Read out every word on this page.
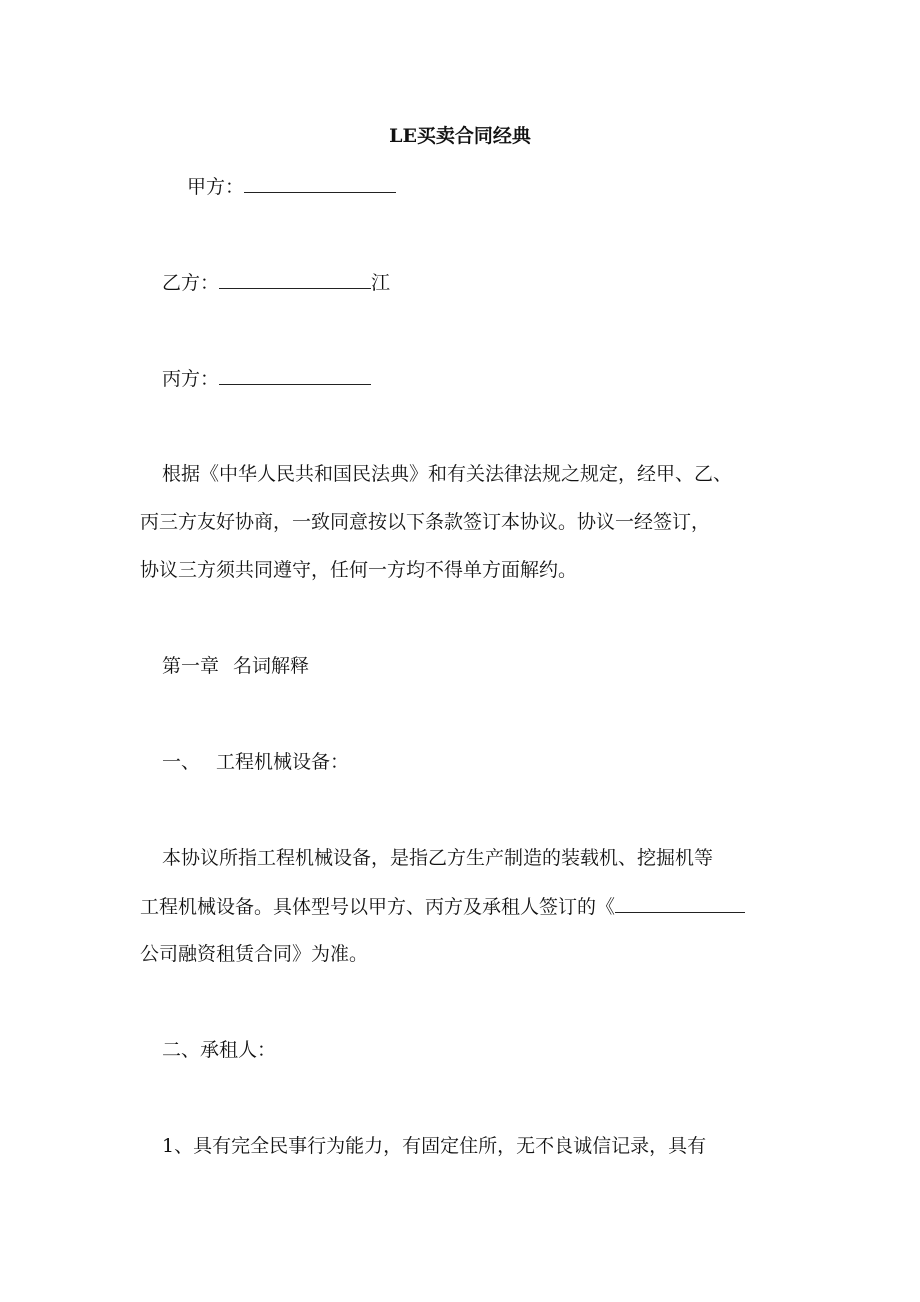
LE买卖合同经典
甲方：
乙方：	江
丙方：
根据《中华人民共和国民法典》和有关法律法规之规定，经甲、乙、
丙三方友好协商，一致同意按以下条款签订本协议。协议一经签订，
协议三方须共同遵守，任何一方均不得单方面解约。
第一章 名词解释
一、 工程机械设备：
本协议所指工程机械设备，是指乙方生产制造的装载机、挖掘机等
工程机械设备。具体型号以甲方、丙方及承租人签订的《
公司融资租赁合同》为准。
二、承租人：
1、具有完全民事行为能力，有固定住所，无不良诚信记录，具有
